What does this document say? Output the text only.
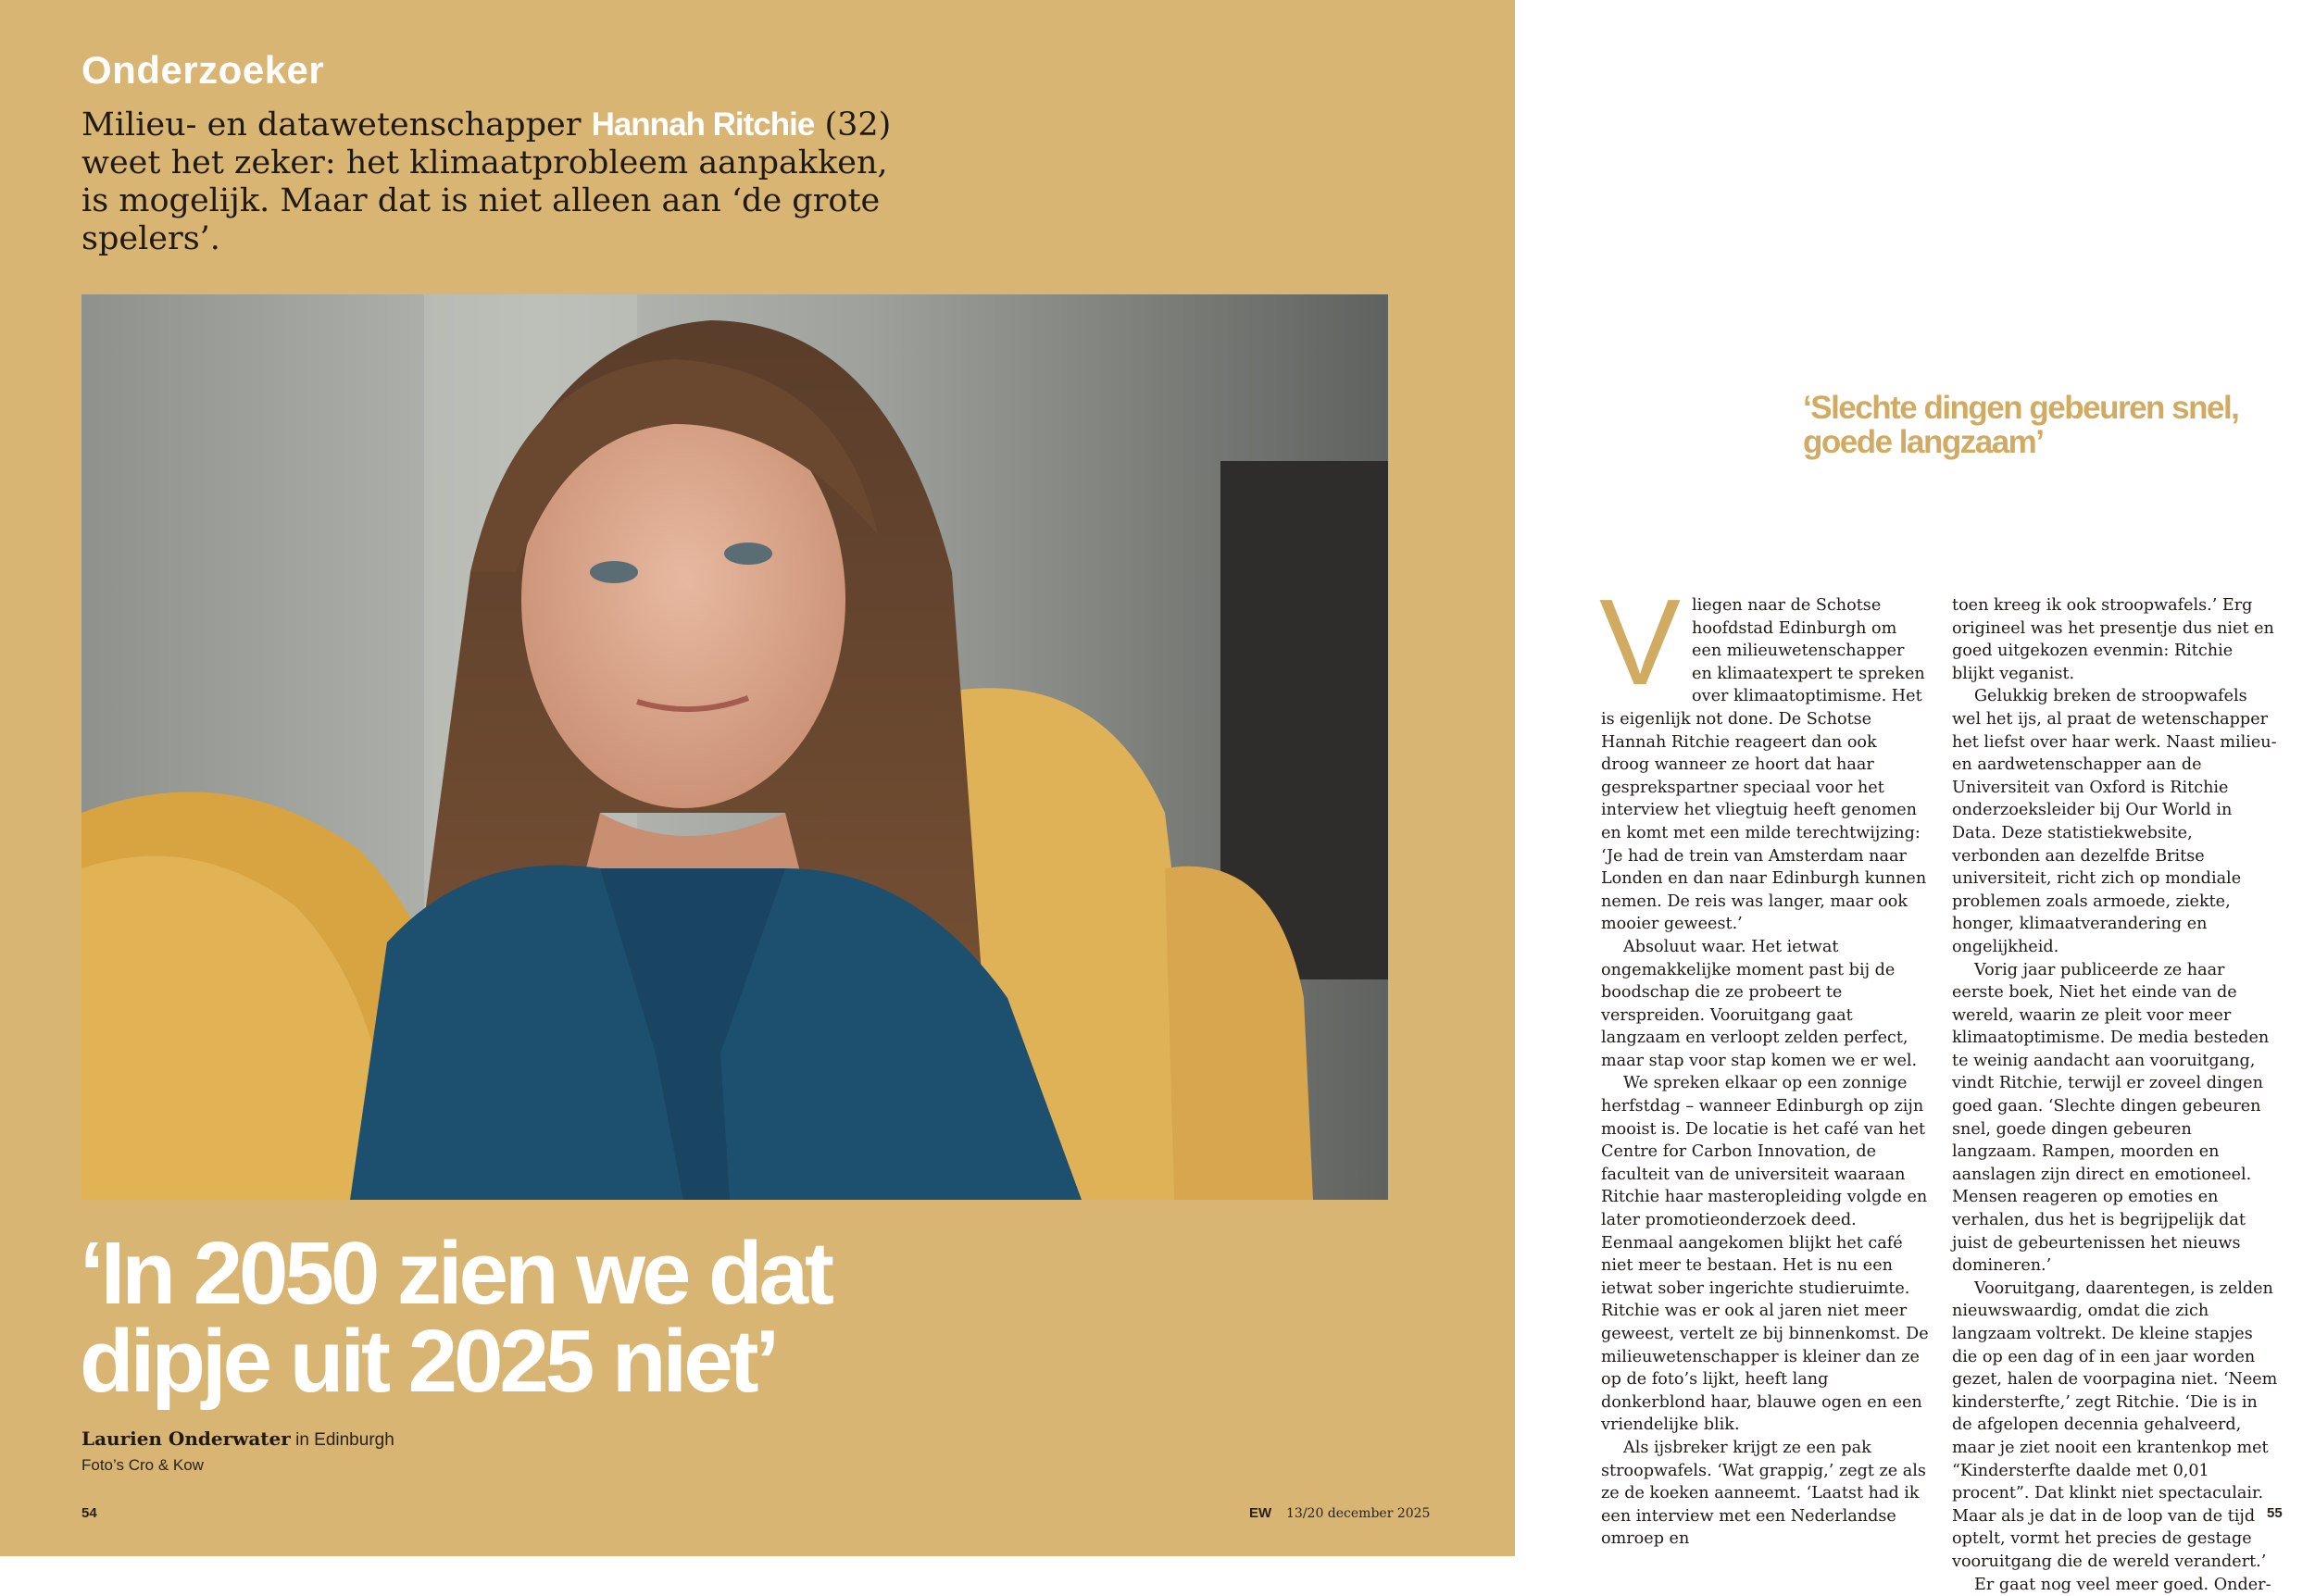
Onderzoeker
Milieu- en datawetenschapper Hannah Ritchie (32) weet het zeker: het klimaatprobleem aanpakken, is mogelijk. Maar dat is niet alleen aan ‘de grote spelers’.
‘In 2050 zien we dat
dipje uit 2025 niet’
Laurien Onderwater in Edinburgh
Foto’s Cro & Kow
54	EW 13/20 december 2025
‘Slechte dingen gebeuren snel, goede langzaam’

Vliegen naar de Schotse hoofdstad Edinburgh om een milieuwetenschapper en klimaatexpert te spreken over klimaatoptimisme. Het is eigenlijk not done. De Schotse Hannah Ritchie reageert dan ook droog wanneer ze hoort dat haar gesprekspartner speciaal voor het interview het vliegtuig heeft genomen en komt met een milde terechtwijzing: ‘Je had de trein van Amsterdam naar Londen en dan naar Edinburgh kunnen nemen. De reis was langer, maar ook mooier geweest.’

Absoluut waar. Het ietwat ongemakkelijke moment past bij de boodschap die ze probeert te verspreiden. Vooruitgang gaat langzaam en verloopt zelden perfect, maar stap voor stap komen we er wel.

We spreken elkaar op een zonnige herfstdag – wanneer Edinburgh op zijn mooist is. De locatie is het café van het Centre for Carbon Innovation, de faculteit van de universiteit waaraan Ritchie haar masteropleiding volgde en later promotieonderzoek deed. Eenmaal aangekomen blijkt het café niet meer te bestaan. Het is nu een ietwat sober ingerichte studieruimte. Ritchie was er ook al jaren niet meer geweest, vertelt ze bij binnenkomst. De milieuwetenschapper is kleiner dan ze op de foto’s lijkt, heeft lang donkerblond haar, blauwe ogen en een vriendelijke blik.

Als ijsbreker krijgt ze een pak stroopwafels. ‘Wat grappig,’ zegt ze als ze de koeken aanneemt. ‘Laatst had ik een interview met een Nederlandse omroep en

toen kreeg ik ook stroopwafels.’ Erg origineel was het presentje dus niet en goed uitgekozen evenmin: Ritchie blijkt veganist.

Gelukkig breken de stroopwafels wel het ijs, al praat de wetenschapper het liefst over haar werk. Naast milieu- en aardwetenschapper aan de Universiteit van Oxford is Ritchie onderzoeksleider bij Our World in Data. Deze statistiekwebsite, verbonden aan dezelfde Britse universiteit, richt zich op mondiale problemen zoals armoede, ziekte, honger, klimaatverandering en ongelijkheid.

Vorig jaar publiceerde ze haar eerste boek, Niet het einde van de wereld, waarin ze pleit voor meer klimaatoptimisme. De media besteden te weinig aandacht aan vooruitgang, vindt Ritchie, terwijl er zoveel dingen goed gaan. ‘Slechte dingen gebeuren snel, goede dingen gebeuren langzaam. Rampen, moorden en aanslagen zijn direct en emotioneel. Mensen reageren op emoties en verhalen, dus het is begrijpelijk dat juist de gebeurtenissen het nieuws domineren.’

Vooruitgang, daarentegen, is zelden nieuwswaardig, omdat die zich langzaam voltrekt. De kleine stapjes die op een dag of in een jaar worden gezet, halen de voorpagina niet. ‘Neem kindersterfte,’ zegt Ritchie. ‘Die is in de afgelopen decennia gehalveerd, maar je ziet nooit een krantenkop met “Kindersterfte daalde met 0,01 procent”. Dat klinkt niet spectaculair. Maar als je dat in de loop van de tijd optelt, vormt het precies de gestage vooruitgang die de wereld verandert.’

Er gaat nog veel meer goed. Onder-

55
